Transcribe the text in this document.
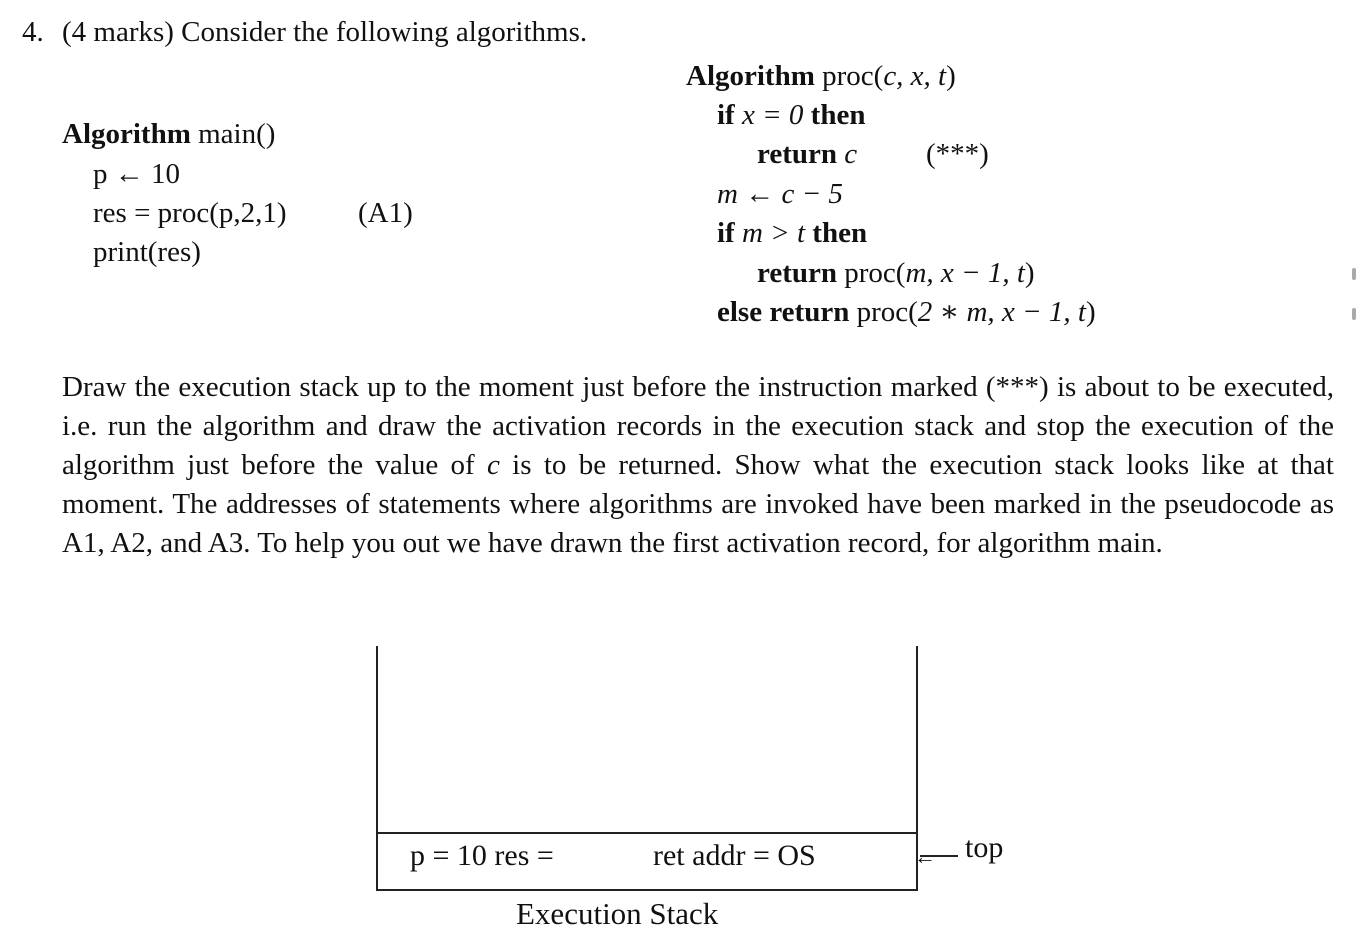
4. (4 marks) Consider the following algorithms.
Algorithm main()
p ← 10
res = proc(p,2,1) (A1)
print(res)
Algorithm proc(c, x, t)
if x = 0 then
return c (***)
m ← c − 5
if m > t then
return proc(m, x − 1, t)
else return proc(2 ∗ m, x − 1, t)
Draw the execution stack up to the moment just before the instruction marked (***) is about to be executed, i.e. run the algorithm and draw the activation records in the execution stack and stop the execution of the algorithm just before the value of c is to be returned. Show what the execution stack looks like at that moment. The addresses of statements where algorithms are invoked have been marked in the pseudocode as A1, A2, and A3. To help you out we have drawn the first activation record, for algorithm main.
p = 10 res =	ret addr = OS	← top
Execution Stack
